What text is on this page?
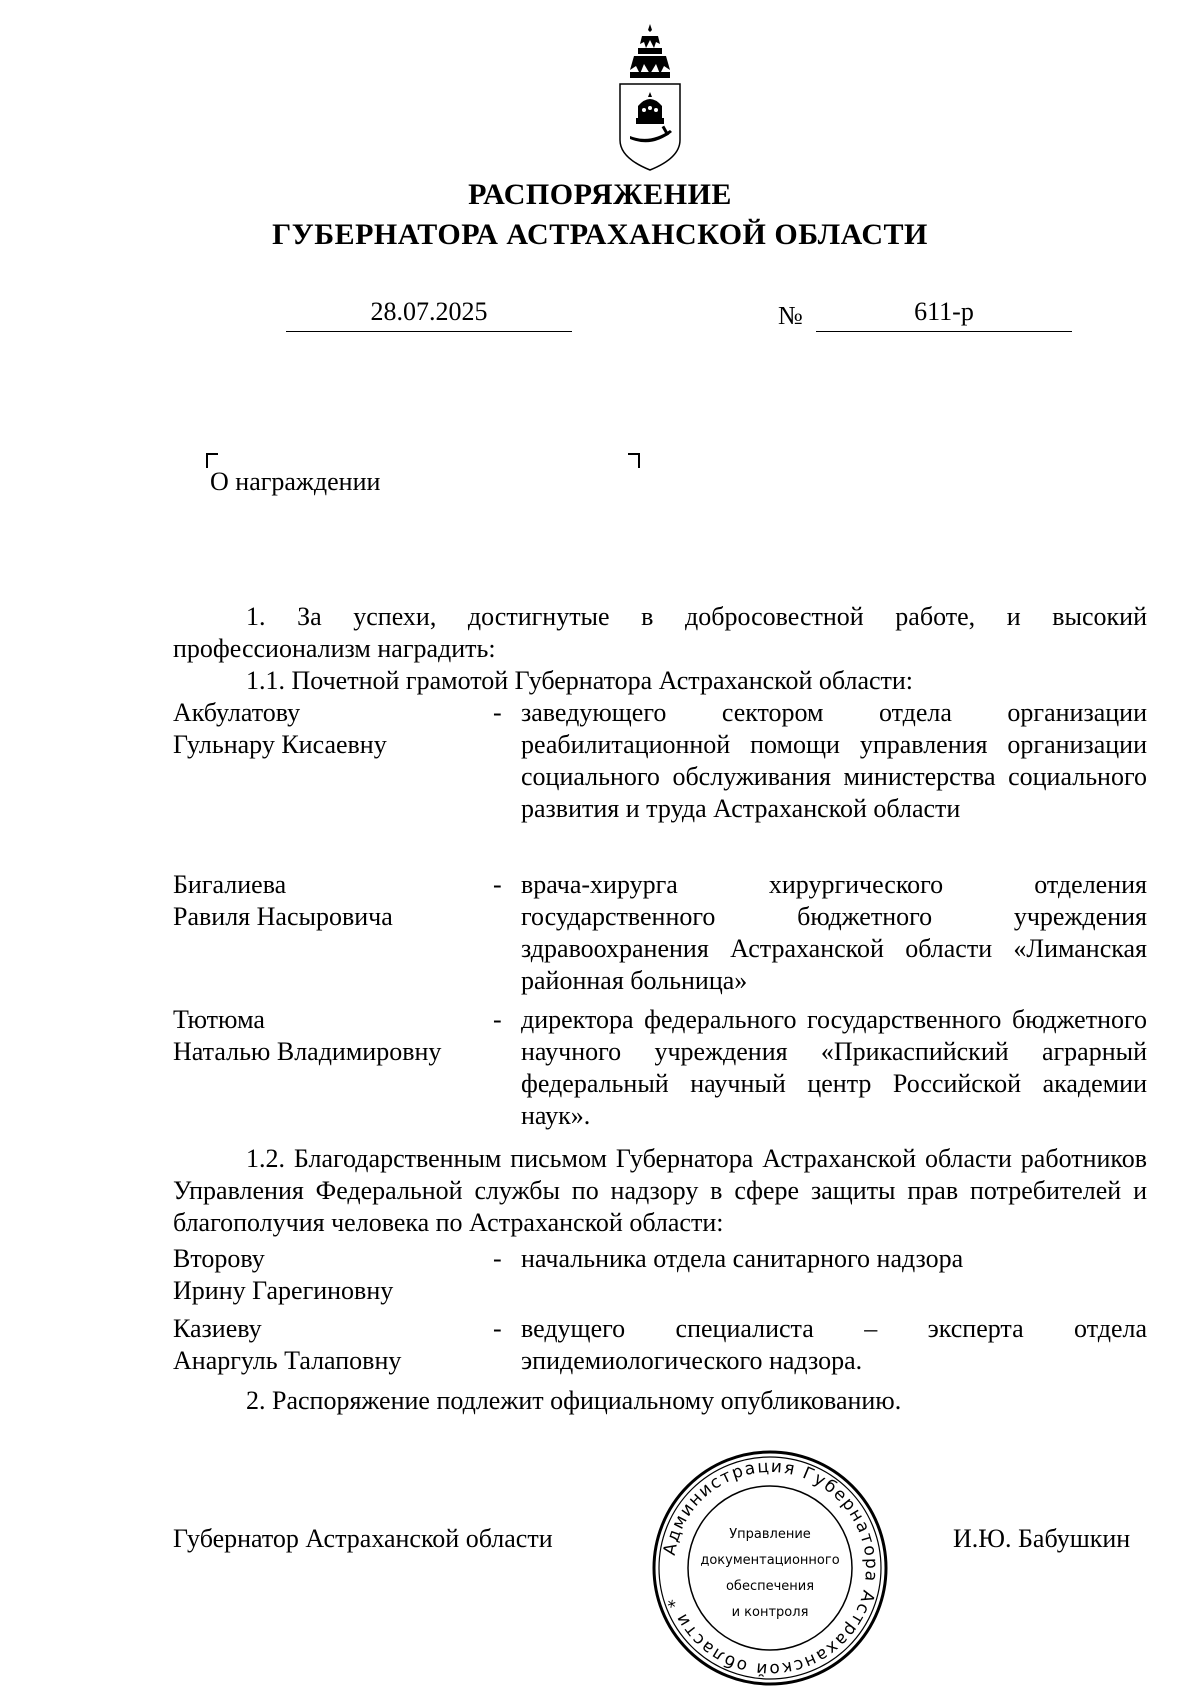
РАСПОРЯЖЕНИЕ
ГУБЕРНАТОРА АСТРАХАНСКОЙ ОБЛАСТИ
28.07.2025	№	611-р
О награждении

1. За успехи, достигнутые в добросовестной работе, и высокий профессионализм наградить:

1.1. Почетной грамотой Губернатора Астраханской области:

Акбулатову
Гульнару Кисаевну
- заведующего сектором отдела организации реабилитационной помощи управления организации социального обслуживания министерства социального развития и труда Астраханской области
Бигалиева
Равиля Насыровича
- врача-хирурга хирургического отделения государственного бюджетного учреждения здравоохранения Астраханской области «Лиманская районная больница»
Тютюма
Наталью Владимировну
- директора федерального государственного бюджетного научного учреждения «Прикаспийский аграрный федеральный научный центр Российской академии наук».

1.2. Благодарственным письмом Губернатора Астраханской области работников Управления Федеральной службы по надзору в сфере защиты прав потребителей и благополучия человека по Астраханской области:

Второву
Ирину Гарегиновну
- начальника отдела санитарного надзора
Казиеву
Анаргуль Талаповну
- ведущего специалиста – эксперта отдела эпидемиологического надзора.

2. Распоряжение подлежит официальному опубликованию.

Губернатор Астраханской области	И.Ю. Бабушкин
Администрация Губернатора Астраханской области *
Управление
документационного
обеспечения
и контроля
